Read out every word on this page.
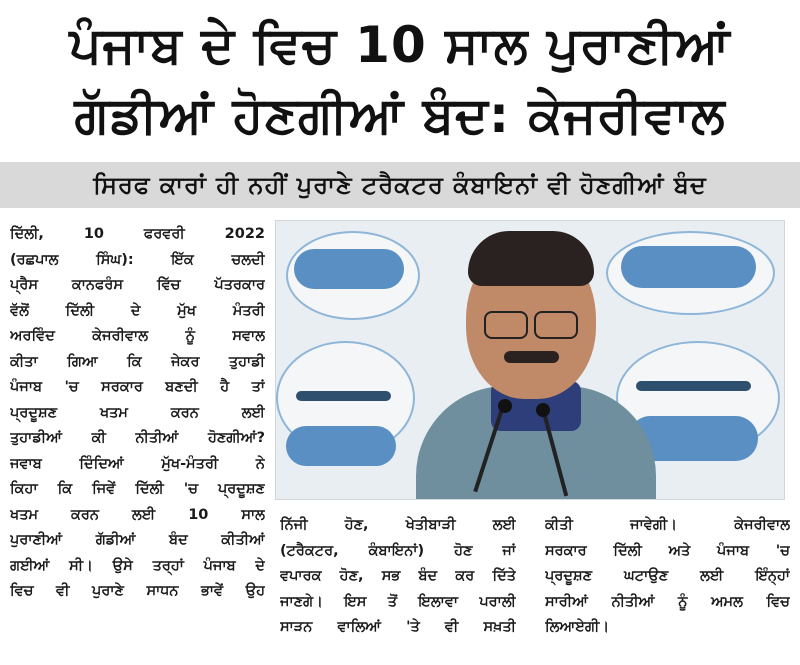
ਪੰਜਾਬ ਦੇ ਵਿਚ 10 ਸਾਲ ਪੁਰਾਣੀਆਂ
ਗੱਡੀਆਂ ਹੋਣਗੀਆਂ ਬੰਦ: ਕੇਜਰੀਵਾਲ
ਸਿਰਫ ਕਾਰਾਂ ਹੀ ਨਹੀਂ ਪੁਰਾਣੇ ਟਰੈਕਟਰ ਕੰਬਾਇਨਾਂ ਵੀ ਹੋਣਗੀਆਂ ਬੰਦ

ਦਿੱਲੀ, 10 ਫਰਵਰੀ 2022

(ਰਛਪਾਲ ਸਿੰਘ): ਇੱਕ ਚਲਦੀ

ਪ੍ਰੈਸ ਕਾਨਫਰੰਸ ਵਿੱਚ ਪੱਤਰਕਾਰ

ਵੱਲੋਂ ਦਿੱਲੀ ਦੇ ਮੁੱਖ ਮੰਤਰੀ

ਅਰਵਿੰਦ ਕੇਜਰੀਵਾਲ ਨੂੰ ਸਵਾਲ

ਕੀਤਾ ਗਿਆ ਕਿ ਜੇਕਰ ਤੁਹਾਡੀ

ਪੰਜਾਬ 'ਚ ਸਰਕਾਰ ਬਣਦੀ ਹੈ ਤਾਂ

ਪ੍ਰਦੂਸ਼ਣ ਖਤਮ ਕਰਨ ਲਈ

ਤੁਹਾਡੀਆਂ ਕੀ ਨੀਤੀਆਂ ਹੋਣਗੀਆਂ?

ਜਵਾਬ ਦਿੰਦਿਆਂ ਮੁੱਖ-ਮੰਤਰੀ ਨੇ

ਕਿਹਾ ਕਿ ਜਿਵੇਂ ਦਿੱਲੀ 'ਚ ਪ੍ਰਦੂਸ਼ਣ

ਖਤਮ ਕਰਨ ਲਈ 10 ਸਾਲ

ਪੁਰਾਣੀਆਂ ਗੱਡੀਆਂ ਬੰਦ ਕੀਤੀਆਂ

ਗਈਆਂ ਸੀ। ਉਸੇ ਤਰ੍ਹਾਂ ਪੰਜਾਬ ਦੇ

ਵਿਚ ਵੀ ਪੁਰਾਣੇ ਸਾਧਨ ਭਾਵੇਂ ਉਹ

ਨਿੱਜੀ ਹੋਣ, ਖੇਤੀਬਾੜੀ ਲਈ

(ਟਰੈਕਟਰ, ਕੰਬਾਇਨਾਂ) ਹੋਣ ਜਾਂ

ਵਪਾਰਕ ਹੋਣ, ਸਭ ਬੰਦ ਕਰ ਦਿੱਤੇ

ਜਾਣਗੇ। ਇਸ ਤੋਂ ਇਲਾਵਾ ਪਰਾਲੀ

ਸਾੜਨ ਵਾਲਿਆਂ 'ਤੇ ਵੀ ਸਖ਼ਤੀ

ਕੀਤੀ ਜਾਵੇਗੀ। ਕੇਜਰੀਵਾਲ

ਸਰਕਾਰ ਦਿੱਲੀ ਅਤੇ ਪੰਜਾਬ 'ਚ

ਪ੍ਰਦੂਸ਼ਣ ਘਟਾਉਣ ਲਈ ਇੰਨ੍ਹਾਂ

ਸਾਰੀਆਂ ਨੀਤੀਆਂ ਨੂੰ ਅਮਲ ਵਿਚ

ਲਿਆਏਗੀ।
